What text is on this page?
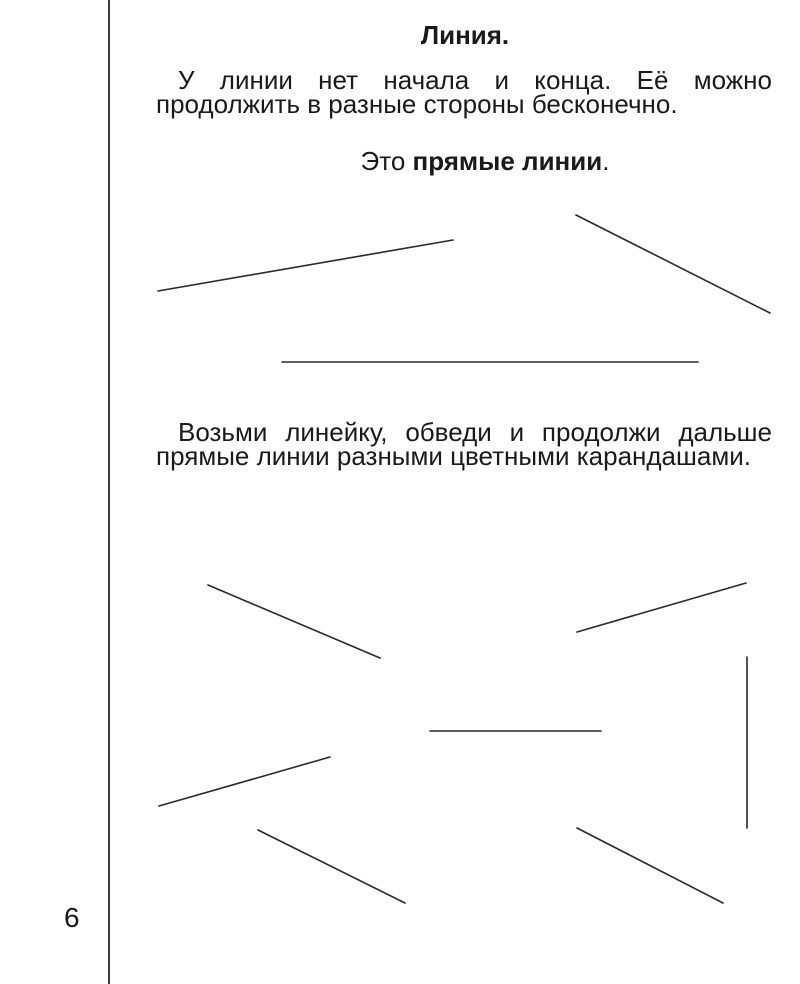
Линия.
У линии нет начала и конца. Её можно продолжить в разные стороны бесконечно.
Это прямые линии.
Возьми линейку, обведи и продолжи дальше прямые линии разными цветными карандашами.
6
